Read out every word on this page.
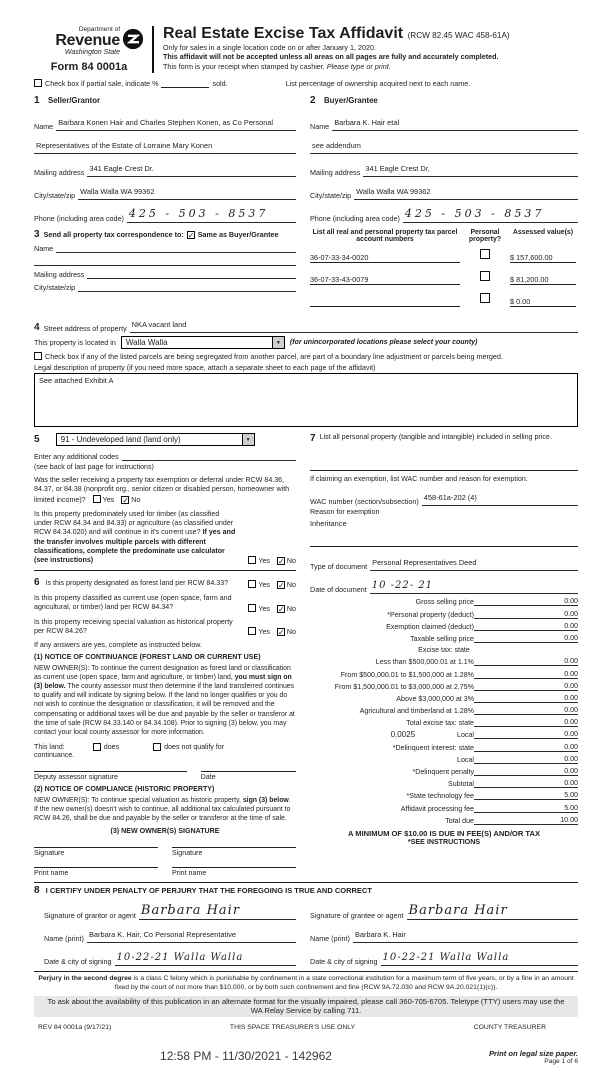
Department of
Revenue
Washington State
Form 84 0001a
Real Estate Excise Tax Affidavit (RCW 82.45 WAC 458-61A)
Only for sales in a single location code on or after January 1, 2020.
This affidavit will not be accepted unless all areas on all pages are fully and accurately completed.
This form is your receipt when stamped by cashier. Please type or print.
Check box if partial sale, indicate %	sold.	List percentage of ownership acquired next to each name.
1 Seller/Grantor
Name Barbara Konen Hair and Charles Stephen Konen, as Co Personal
Representatives of the Estate of Lorraine Mary Konen
Mailing address 341 Eagle Crest Dr.
City/state/zip Walla Walla WA 99362
Phone (including area code) 425 - 503 - 8537
2 Buyer/Grantee
Name Barbara K. Hair etal
see addendum
Mailing address 341 Eagle Crest Dr,
City/state/zip Walla Walla WA 99362
Phone (including area code) 425 - 503 - 8537
3 Send all property tax correspondence to: ✓ Same as Buyer/Grantee
Name
Mailing address
City/state/zip
List all real and personal property tax parcel account numbers
Personal property?
Assessed value(s)
36-07-33-34-0020	$ 157,600.00
36-07-33-43-0079	$ 81,200.00
$ 0.00
4 Street address of property NKA vacant land
This property is located in	Walla Walla	▼	(for unincorporated locations please select your county)
Check box if any of the listed parcels are being segregated from another parcel, are part of a boundary line adjustment or parcels being merged.
Legal description of property (if you need more space, attach a separate sheet to each page of the affidavit)
See attached Exhibit A
5	91 - Undeveloped land (land only)	▼
Enter any additional codes
(see back of last page for instructions)
Was the seller receiving a property tax exemption or deferral under RCW 84.36, 84.37, or 84.38 (nonprofit org., senior citizen or disabled person, homeowner with limited income)? Yes ✓ No
Is this property predominately used for timber (as classified under RCW 84.34 and 84.33) or agriculture (as classified under RCW 84.34.020) and will continue in it's current use? If yes and the transfer involves multiple parcels with different classifications, complete the predominate use calculator (see instructions)	Yes ✓ No
6 Is this property designated as forest land per RCW 84.33?	Yes ✓ No
Is this property classified as current use (open space, farm and agricultural, or timber) land per RCW 84.34?	Yes ✓ No
Is this property receiving special valuation as historical property per RCW 84.26?	Yes ✓ No
If any answers are yes, complete as instructed below.
(1) NOTICE OF CONTINUANCE (FOREST LAND OR CURRENT USE)
NEW OWNER(S): To continue the current designation as forest land or classification as current use (open space, farm and agriculture, or timber) land, you must sign on (3) below. The county assessor must then determine if the land transferred continues to qualify and will indicate by signing below. If the land no longer qualifies or you do not wish to continue the designation or classification, it will be removed and the compensating or additional taxes will be due and payable by the seller or transferor at the time of sale (RCW 84.33.140 or 84.34.108). Prior to signing (3) below, you may contact your local county assessor for more information.
This land:	does	does not qualify for
continuance.
Deputy assessor signature	Date
(2) NOTICE OF COMPLIANCE (HISTORIC PROPERTY)
NEW OWNER(S): To continue special valuation as historic property, sign (3) below. If the new owner(s) doesn't wish to continue, all additional tax calculated pursuant to RCW 84.26, shall be due and payable by the seller or transferor at the time of sale.
(3) NEW OWNER(S) SIGNATURE
Signature	Signature
Print name	Print name
7 List all personal property (tangible and intangible) included in selling price.
If claiming an exemption, list WAC number and reason for exemption.
WAC number (section/subsection) 458-61a-202 (4)
Reason for exemption
Inheritance
Type of document Personal Representatives Deed
Date of document 10 -22- 21
Gross selling price	0.00
*Personal property (deduct)	0.00
Exemption claimed (deduct)	0.00
Taxable selling price	0.00
Excise tax: state
Less than $500,000.01 at 1.1%	0.00
From $500,000.01 to $1,500,000 at 1.28%	0.00
From $1,500,000.01 to $3,000,000 at 2.75%	0.00
Above $3,000,000 at 3%	0.00
Agricultural and timberland at 1.28%	0.00
Total excise tax: state	0.00
0.0025	Local	0.00
*Delinquent interest: state	0.00
Local	0.00
*Delinquent penalty	0.00
Subtotal	0.00
*State technology fee	5.00
Affidavit processing fee	5.00
Total due	10.00
A MINIMUM OF $10.00 IS DUE IN FEE(S) AND/OR TAX
*SEE INSTRUCTIONS
8 I CERTIFY UNDER PENALTY OF PERJURY THAT THE FOREGOING IS TRUE AND CORRECT
Signature of grantor or agent Barbara Hair
Name (print) Barbara K. Hair, Co Personal Representative
Date & city of signing 10-22-21 Walla Walla
Signature of grantee or agent Barbara Hair
Name (print) Barbara K. Hair
Date & city of signing 10-22-21 Walla Walla
Perjury in the second degree is a class C felony which is punishable by confinement in a state correctional institution for a maximum term of five years, or by a fine in an amount fixed by the court of not more than $10,000, or by both such confinement and fine (RCW 9A.72.030 and RCW 9A.20.021(1)(c)).
To ask about the availability of this publication in an alternate format for the visually impaired, please call 360-705-6705. Teletype (TTY) users may use the WA Relay Service by calling 711.
REV 84 0001a (9/17/21)	THIS SPACE TREASURER'S USE ONLY	COUNTY TREASURER
12:58 PM - 11/30/2021 - 142962	Print on legal size paper.
Page 1 of 6
